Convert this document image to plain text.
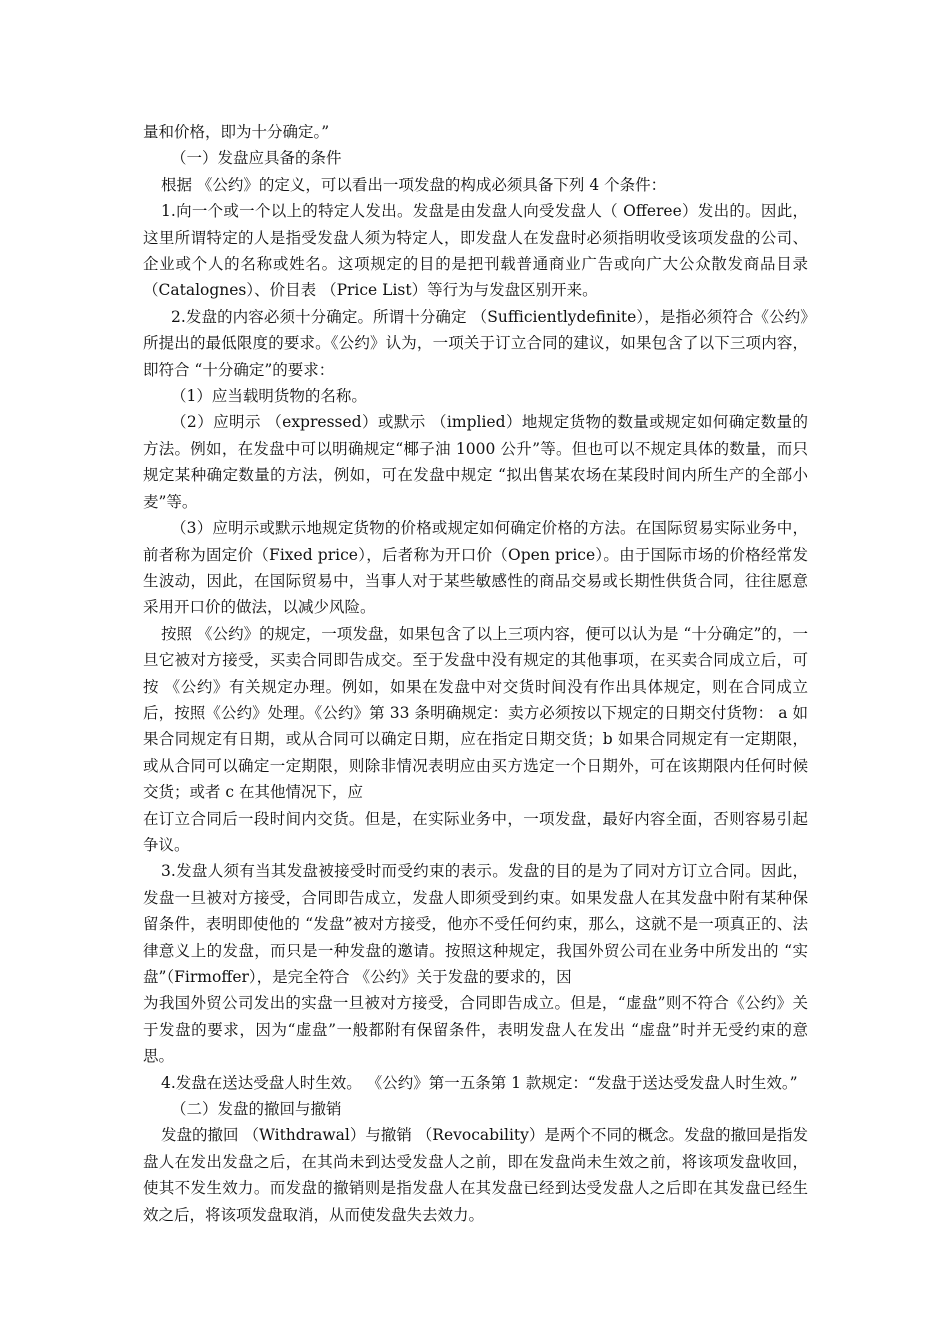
量和价格，即为十分确定。”

（一）发盘应具备的条件

根据 《公约》的定义，可以看出一项发盘的构成必须具备下列 4 个条件：

1.向一个或一个以上的特定人发出。发盘是由发盘人向受发盘人（ Offeree）发出的。因此，这里所谓特定的人是指受发盘人须为特定人，即发盘人在发盘时必须指明收受该项发盘的公司、企业或个人的名称或姓名。这项规定的目的是把刊载普通商业广告或向广大公众散发商品目录（Catalognes）、价目表 （Price List）等行为与发盘区别开来。

2.发盘的内容必须十分确定。所谓十分确定 （Sufficientlydefinite），是指必须符合《公约》所提出的最低限度的要求。《公约》认为，一项关于订立合同的建议，如果包含了以下三项内容，即符合 “十分确定”的要求：

（1）应当载明货物的名称。

（2）应明示 （expressed）或默示 （implied）地规定货物的数量或规定如何确定数量的方法。例如，在发盘中可以明确规定“椰子油 1000 公升”等。但也可以不规定具体的数量，而只规定某种确定数量的方法，例如，可在发盘中规定 “拟出售某农场在某段时间内所生产的全部小麦”等。

（3）应明示或默示地规定货物的价格或规定如何确定价格的方法。在国际贸易实际业务中，前者称为固定价（Fixed price），后者称为开口价（Open price）。由于国际市场的价格经常发生波动，因此，在国际贸易中，当事人对于某些敏感性的商品交易或长期性供货合同，往往愿意采用开口价的做法，以减少风险。

按照 《公约》的规定，一项发盘，如果包含了以上三项内容，便可以认为是 “十分确定”的，一旦它被对方接受，买卖合同即告成交。至于发盘中没有规定的其他事项，在买卖合同成立后，可按 《公约》有关规定办理。例如，如果在发盘中对交货时间没有作出具体规定，则在合同成立后，按照《公约》处理。《公约》第 33 条明确规定：卖方必须按以下规定的日期交付货物： a 如果合同规定有日期，或从合同可以确定日期，应在指定日期交货；b 如果合同规定有一定期限，或从合同可以确定一定期限，则除非情况表明应由买方选定一个日期外，可在该期限内任何时候交货；或者 c 在其他情况下，应

在订立合同后一段时间内交货。但是，在实际业务中，一项发盘，最好内容全面，否则容易引起争议。

3.发盘人须有当其发盘被接受时而受约束的表示。发盘的目的是为了同对方订立合同。因此，发盘一旦被对方接受，合同即告成立，发盘人即须受到约束。如果发盘人在其发盘中附有某种保留条件，表明即使他的 “发盘”被对方接受，他亦不受任何约束，那么，这就不是一项真正的、法律意义上的发盘，而只是一种发盘的邀请。按照这种规定，我国外贸公司在业务中所发出的 “实盘”（Firmoffer），是完全符合 《公约》关于发盘的要求的，因

为我国外贸公司发出的实盘一旦被对方接受，合同即告成立。但是，“虚盘”则不符合《公约》关于发盘的要求，因为“虚盘”一般都附有保留条件，表明发盘人在发出 “虚盘”时并无受约束的意思。

4.发盘在送达受盘人时生效。 《公约》第一五条第 1 款规定：“发盘于送达受发盘人时生效。”

（二）发盘的撤回与撤销

发盘的撤回 （Withdrawal）与撤销 （Revocability）是两个不同的概念。发盘的撤回是指发盘人在发出发盘之后，在其尚未到达受发盘人之前，即在发盘尚未生效之前，将该项发盘收回，使其不发生效力。而发盘的撤销则是指发盘人在其发盘已经到达受发盘人之后即在其发盘已经生效之后，将该项发盘取消，从而使发盘失去效力。
